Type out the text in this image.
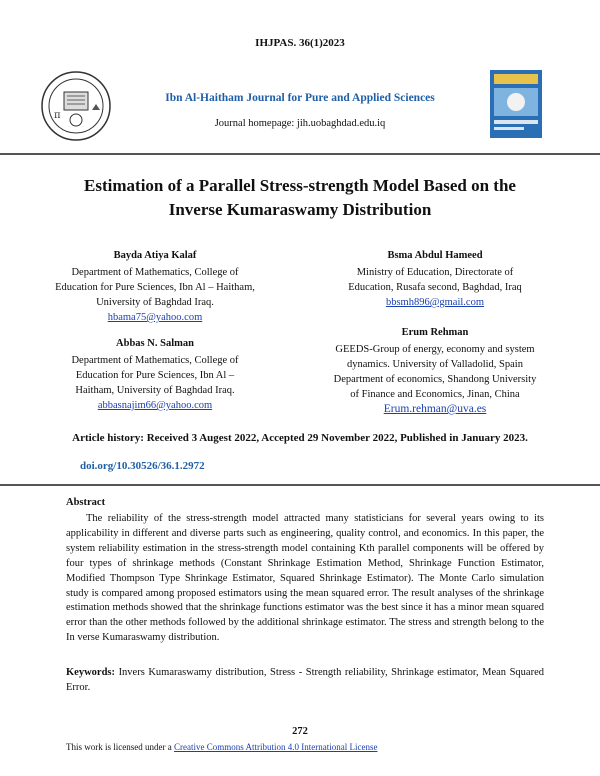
IHJPAS. 36(1)2023
π
Ibn Al-Haitham Journal for Pure and Applied Sciences
Journal homepage: jih.uobaghdad.edu.iq
Estimation of a Parallel Stress-strength Model Based on the
Inverse Kumaraswamy Distribution
Bayda Atiya Kalaf
Department of Mathematics, College of
Education for Pure Sciences, Ibn Al – Haitham,
University of Baghdad Iraq.
hbama75@yahoo.com
Bsma Abdul Hameed
Ministry of Education, Directorate of
Education, Rusafa second, Baghdad, Iraq
bbsmh896@gmail.com
Abbas N. Salman
Department of Mathematics, College of
Education for Pure Sciences, Ibn Al –
Haitham, University of Baghdad Iraq.
abbasnajim66@yahoo.com
Erum Rehman
GEEDS-Group of energy, economy and system
dynamics. University of Valladolid, Spain
Department of economics, Shandong University
of Finance and Economics, Jinan, China
Erum.rehman@uva.es
Article history: Received 3 Augest 2022, Accepted 29 November 2022, Published in January 2023.
doi.org/10.30526/36.1.2972
Abstract
The reliability of the stress-strength model attracted many statisticians for several years owing to its applicability in different and diverse parts such as engineering, quality control, and economics. In this paper, the system reliability estimation in the stress-strength model containing Kth parallel components will be offered by four types of shrinkage methods (Constant Shrinkage Estimation Method, Shrinkage Function Estimator, Modified Thompson Type Shrinkage Estimator, Squared Shrinkage Estimator). The Monte Carlo simulation study is compared among proposed estimators using the mean squared error. The result analyses of the shrinkage estimation methods showed that the shrinkage functions estimator was the best since it has a minor mean squared error than the other methods followed by the additional shrinkage estimator. The stress and strength belong to the In verse Kumaraswamy distribution.
Keywords: Invers Kumaraswamy distribution, Stress - Strength reliability, Shrinkage estimator, Mean Squared Error.
272
This work is licensed under a Creative Commons Attribution 4.0 International License
